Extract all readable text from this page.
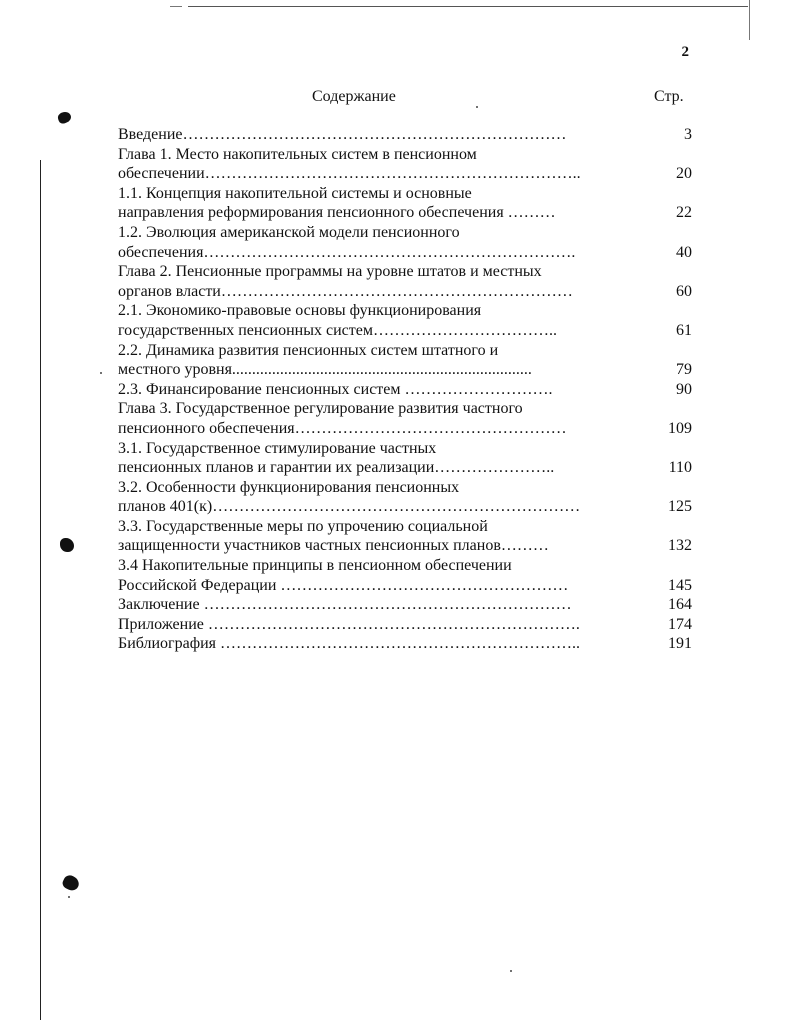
2
Содержание	Стр.
Введение………………………………………………………………	3
Глава 1. Место накопительных систем в пенсионном
обеспечении……………………………………………………………..	20
1.1. Концепция накопительной системы и основные
направления реформирования пенсионного обеспечения ………	22
1.2. Эволюция американской модели пенсионного
обеспечения…………………………………………………………….	40
Глава 2. Пенсионные программы на уровне штатов и местных
органов власти…………………………………………………………	60
2.1. Экономико-правовые основы функционирования
государственных пенсионных систем……………………………..	61
2.2. Динамика развития пенсионных систем штатного и
местного уровня...........................................................................	79
2.3. Финансирование пенсионных систем ……………………….	90
Глава 3. Государственное регулирование развития частного
пенсионного обеспечения……………………………………………	109
3.1. Государственное стимулирование частных
пенсионных планов и гарантии их реализации…………………..	110
3.2. Особенности функционирования пенсионных
планов 401(к)……………………………………………………………	125
3.3. Государственные меры по упрочению социальной
защищенности участников частных пенсионных планов………	132
3.4 Накопительные принципы в пенсионном обеспечении
Российской Федерации ………………………………………………	145
Заключение ……………………………………………………………	164
Приложение …………………………………………………………….	174
Библиография …………………………………………………………..	191
